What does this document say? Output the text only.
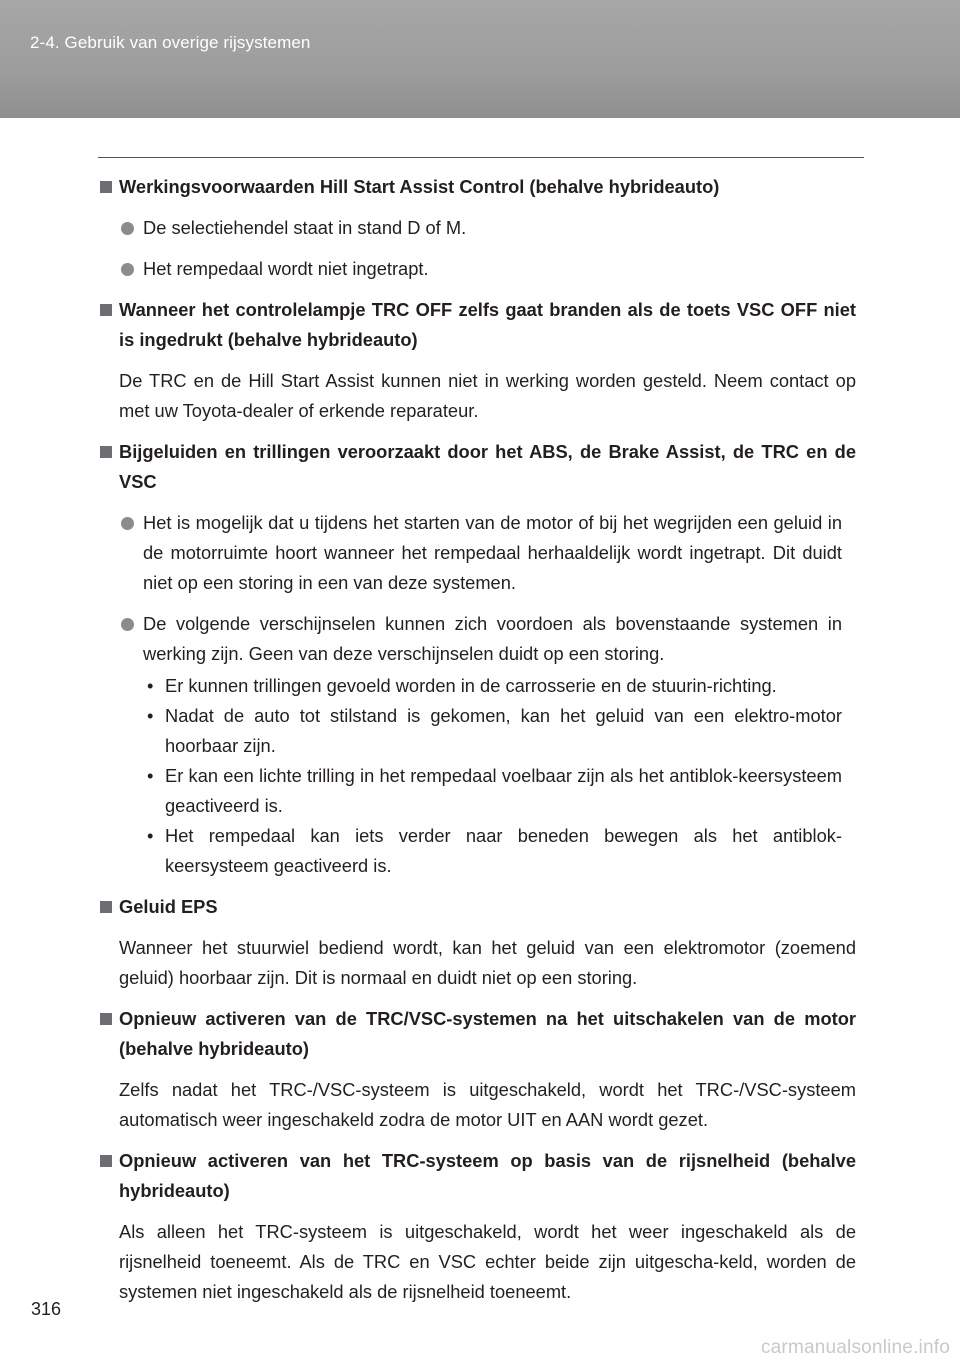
2-4. Gebruik van overige rijsystemen
Werkingsvoorwaarden Hill Start Assist Control (behalve hybrideauto)
De selectiehendel staat in stand D of M.
Het rempedaal wordt niet ingetrapt.
Wanneer het controlelampje TRC OFF zelfs gaat branden als de toets VSC OFF niet is ingedrukt (behalve hybrideauto)
De TRC en de Hill Start Assist kunnen niet in werking worden gesteld. Neem contact op met uw Toyota-dealer of erkende reparateur.
Bijgeluiden en trillingen veroorzaakt door het ABS, de Brake Assist, de TRC en de VSC
Het is mogelijk dat u tijdens het starten van de motor of bij het wegrijden een geluid in de motorruimte hoort wanneer het rempedaal herhaaldelijk wordt ingetrapt. Dit duidt niet op een storing in een van deze systemen.
De volgende verschijnselen kunnen zich voordoen als bovenstaande systemen in werking zijn. Geen van deze verschijnselen duidt op een storing.
• Er kunnen trillingen gevoeld worden in de carrosserie en de stuurin-richting.
• Nadat de auto tot stilstand is gekomen, kan het geluid van een elektro-motor hoorbaar zijn.
• Er kan een lichte trilling in het rempedaal voelbaar zijn als het antiblok-keersysteem geactiveerd is.
• Het rempedaal kan iets verder naar beneden bewegen als het antiblok-keersysteem geactiveerd is.
Geluid EPS
Wanneer het stuurwiel bediend wordt, kan het geluid van een elektromotor (zoemend geluid) hoorbaar zijn. Dit is normaal en duidt niet op een storing.
Opnieuw activeren van de TRC/VSC-systemen na het uitschakelen van de motor (behalve hybrideauto)
Zelfs nadat het TRC-/VSC-systeem is uitgeschakeld, wordt het TRC-/VSC-systeem automatisch weer ingeschakeld zodra de motor UIT en AAN wordt gezet.
Opnieuw activeren van het TRC-systeem op basis van de rijsnelheid (behalve hybrideauto)
Als alleen het TRC-systeem is uitgeschakeld, wordt het weer ingeschakeld als de rijsnelheid toeneemt. Als de TRC en VSC echter beide zijn uitgescha-keld, worden de systemen niet ingeschakeld als de rijsnelheid toeneemt.
316
carmanualsonline.info
